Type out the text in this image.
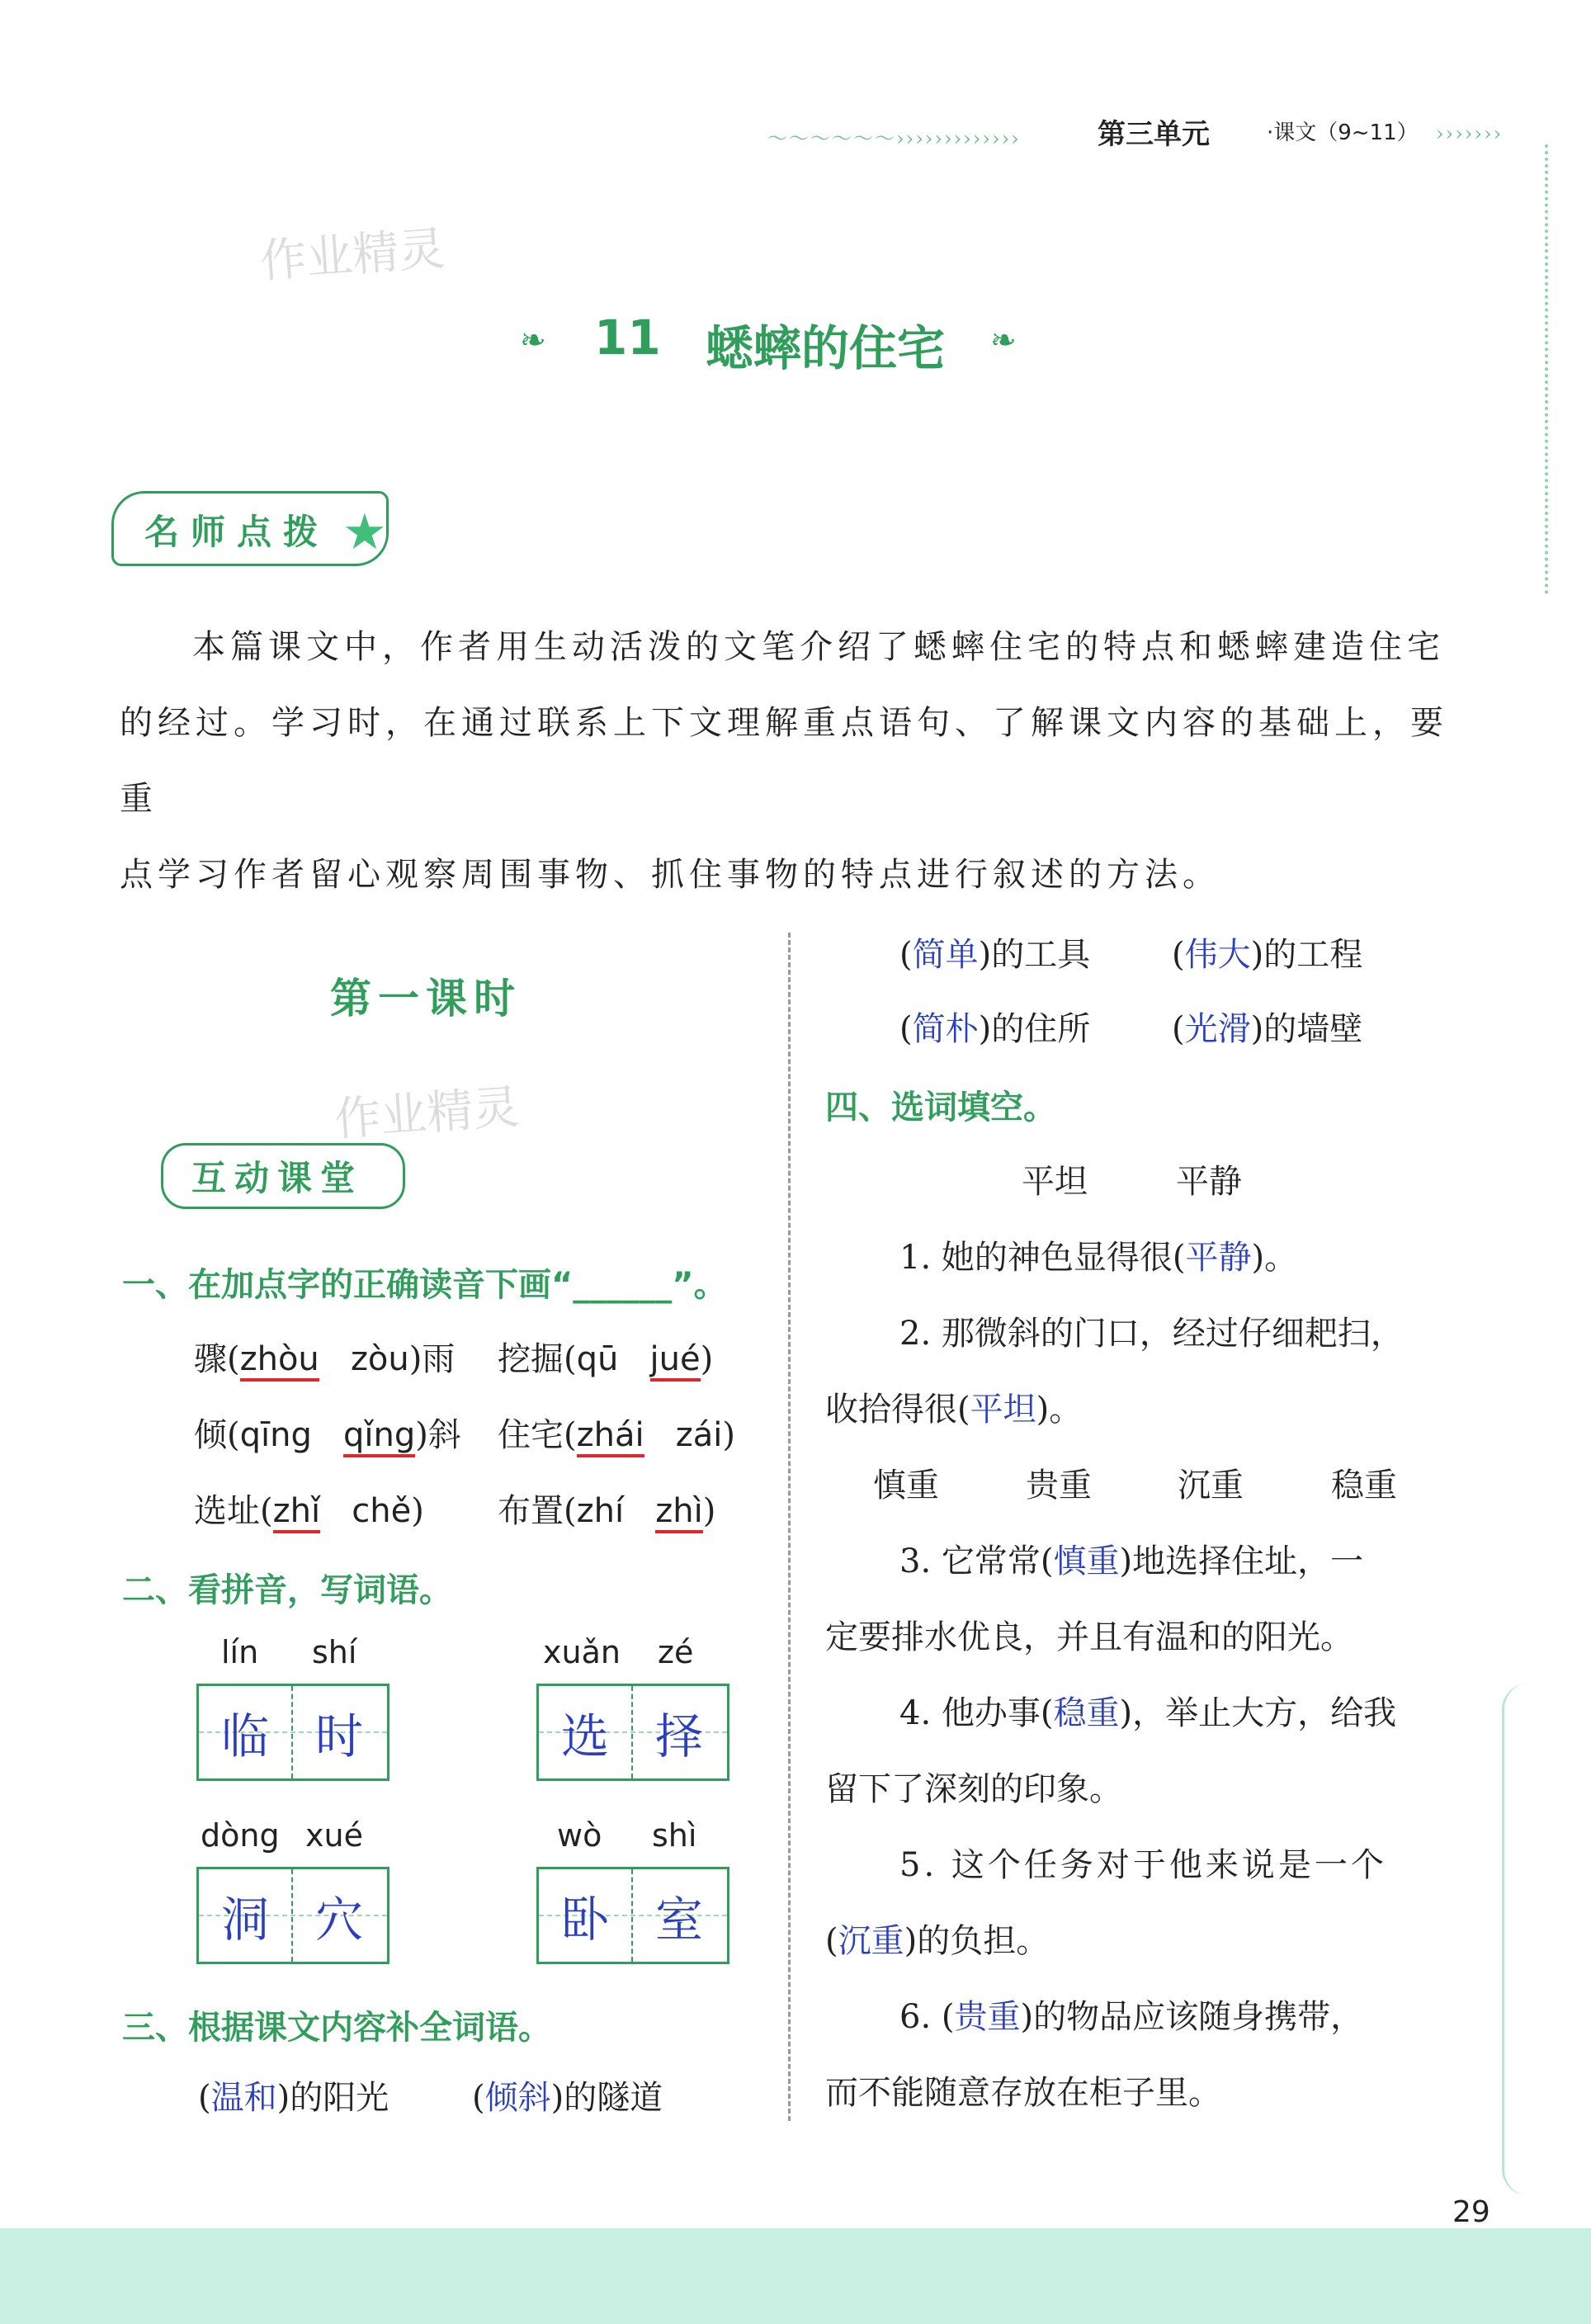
～～～～～～›››››››››››››	第三单元	·课文（9~11） ›››››››
作业精灵
作业精灵
❧ 11 蟋蟀的住宅 ❧
名师点拨 ★
本篇课文中，作者用生动活泼的文笔介绍了蟋蟀住宅的特点和蟋蟀建造住宅
的经过。学习时，在通过联系上下文理解重点语句、了解课文内容的基础上，要重
点学习作者留心观察周围事物、抓住事物的特点进行叙述的方法。
第一课时
互动课堂
一、在加点字的正确读音下画“______”。
骤(zhòu zòu)雨 挖掘(qū jué)
倾(qīng qǐng)斜 住宅(zhái zái)
选址(zhǐ chě) 布置(zhí zhì)
二、看拼音，写词语。
lín shí
临 时
xuǎn zé
选 择
dòng xué
洞 穴
wò shì
卧 室
三、根据课文内容补全词语。
(温和)的阳光	(倾斜)的隧道
(简单)的工具 (伟大)的工程
(简朴)的住所 (光滑)的墙壁
四、选词填空。
平坦	平静
1. 她的神色显得很(平静)。
2. 那微斜的门口，经过仔细耙扫，
收拾得很(平坦)。
慎重	贵重	沉重	稳重
3. 它常常(慎重)地选择住址，一
定要排水优良，并且有温和的阳光。
4. 他办事(稳重)，举止大方，给我
留下了深刻的印象。
5. 这个任务对于他来说是一个
(沉重)的负担。
6. (贵重)的物品应该随身携带，
而不能随意存放在柜子里。
29
